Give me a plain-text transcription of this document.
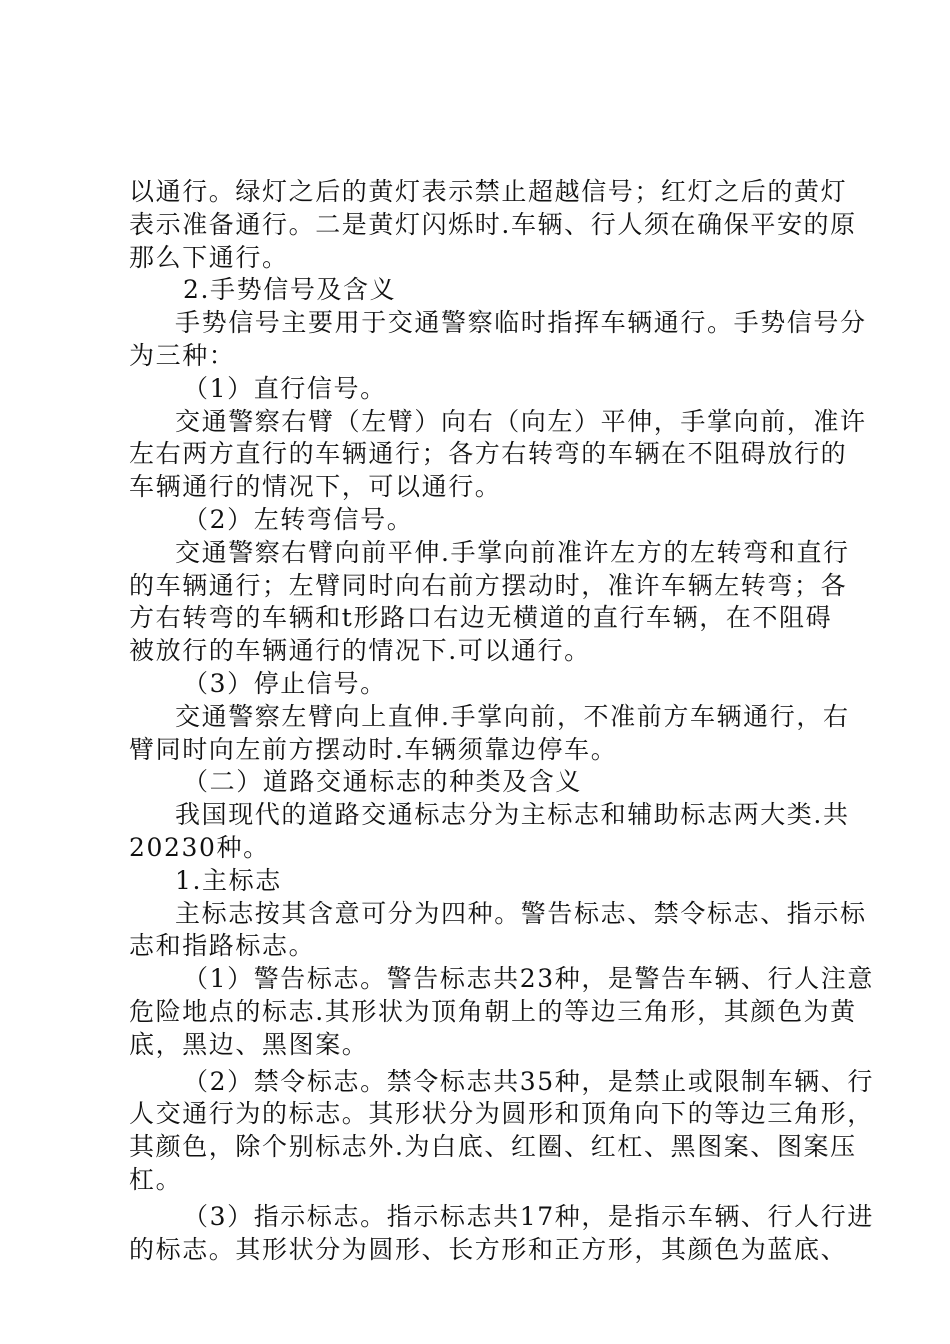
以通行。绿灯之后的黄灯表示禁止超越信号；红灯之后的黄灯

表示准备通行。二是黄灯闪烁时.车辆、行人须在确保平安的原

那么下通行。

2.手势信号及含义

手势信号主要用于交通警察临时指挥车辆通行。手势信号分

为三种：

（1）直行信号。

交通警察右臂（左臂）向右（向左）平伸，手掌向前，准许

左右两方直行的车辆通行；各方右转弯的车辆在不阻碍放行的

车辆通行的情况下，可以通行。

（2）左转弯信号。

交通警察右臂向前平伸.手掌向前准许左方的左转弯和直行

的车辆通行；左臂同时向右前方摆动时，准许车辆左转弯；各

方右转弯的车辆和t形路口右边无横道的直行车辆，在不阻碍

被放行的车辆通行的情况下.可以通行。

（3）停止信号。

交通警察左臂向上直伸.手掌向前，不准前方车辆通行，右

臂同时向左前方摆动时.车辆须靠边停车。

（二）道路交通标志的种类及含义

我国现代的道路交通标志分为主标志和辅助标志两大类.共

20230种。

1.主标志

主标志按其含意可分为四种。警告标志、禁令标志、指示标

志和指路标志。

（1）警告标志。警告标志共23种，是警告车辆、行人注意

危险地点的标志.其形状为顶角朝上的等边三角形，其颜色为黄

底，黑边、黑图案。

（2）禁令标志。禁令标志共35种，是禁止或限制车辆、行

人交通行为的标志。其形状分为圆形和顶角向下的等边三角形，

其颜色，除个别标志外.为白底、红圈、红杠、黑图案、图案压

杠。

（3）指示标志。指示标志共17种，是指示车辆、行人行进

的标志。其形状分为圆形、长方形和正方形，其颜色为蓝底、
